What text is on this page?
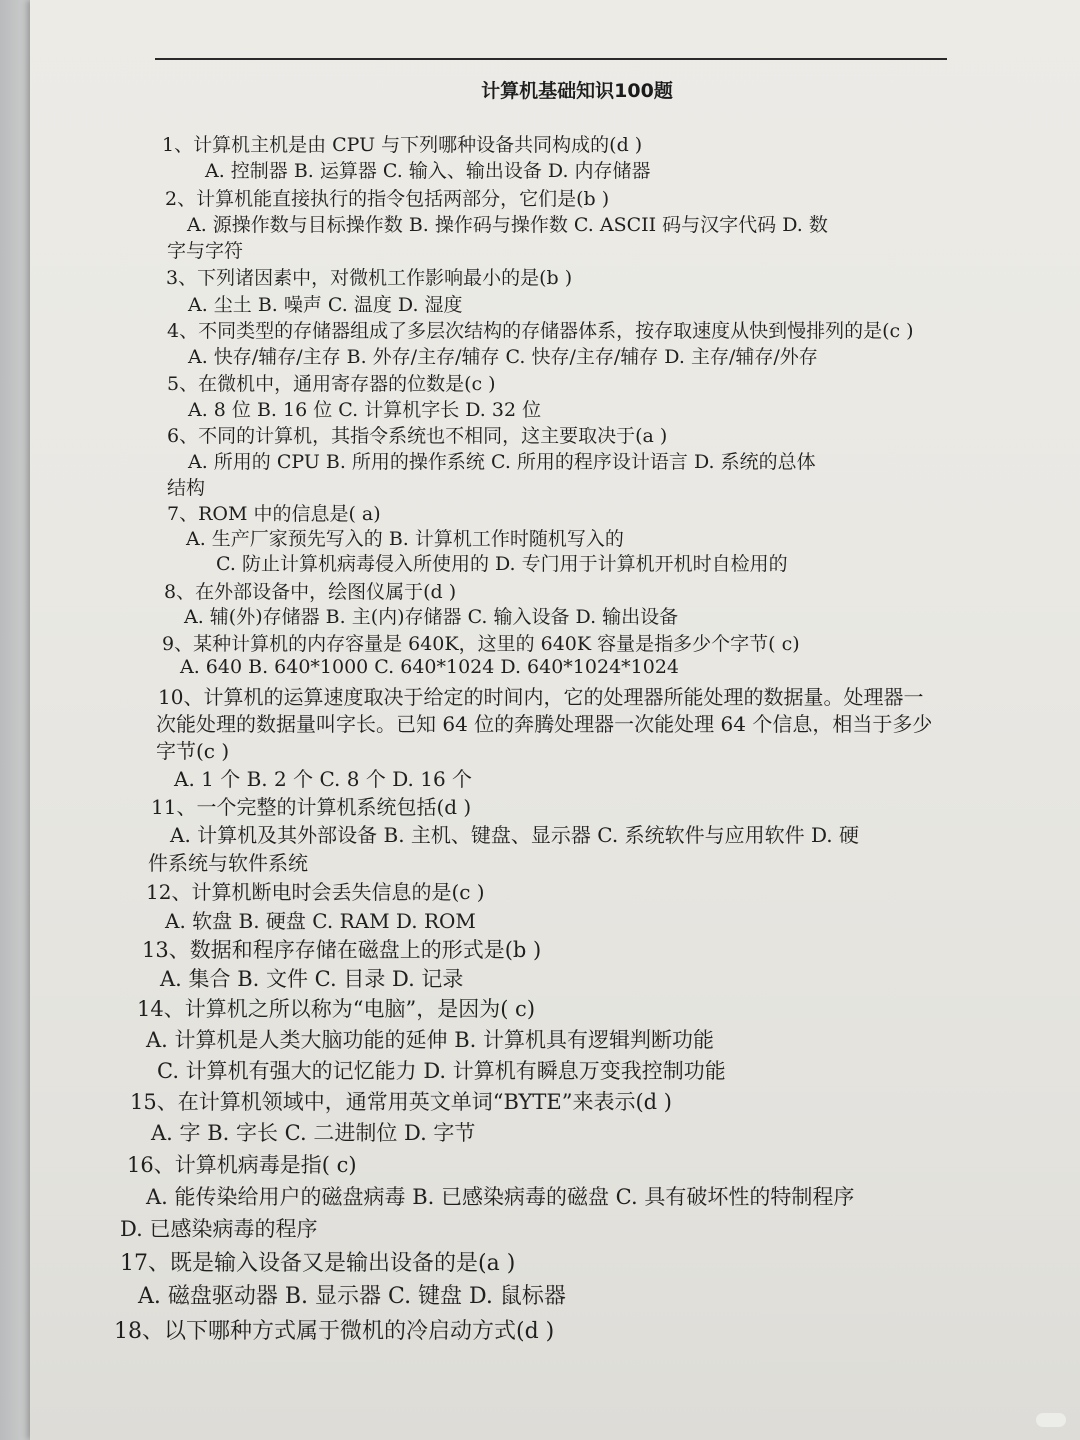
计算机基础知识100题

1、计算机主机是由 CPU 与下列哪种设备共同构成的(d )

A. 控制器 B. 运算器 C. 输入、输出设备 D. 内存储器

2、计算机能直接执行的指令包括两部分，它们是(b )

A. 源操作数与目标操作数 B. 操作码与操作数 C. ASCII 码与汉字代码 D. 数

字与字符

3、下列诸因素中，对微机工作影响最小的是(b )

A. 尘土 B. 噪声 C. 温度 D. 湿度

4、不同类型的存储器组成了多层次结构的存储器体系，按存取速度从快到慢排列的是(c )

A. 快存/辅存/主存 B. 外存/主存/辅存 C. 快存/主存/辅存 D. 主存/辅存/外存

5、在微机中，通用寄存器的位数是(c )

A. 8 位 B. 16 位 C. 计算机字长 D. 32 位

6、不同的计算机，其指令系统也不相同，这主要取决于(a )

A. 所用的 CPU B. 所用的操作系统 C. 所用的程序设计语言 D. 系统的总体

结构

7、ROM 中的信息是( a)

A. 生产厂家预先写入的 B. 计算机工作时随机写入的

C. 防止计算机病毒侵入所使用的 D. 专门用于计算机开机时自检用的

8、在外部设备中，绘图仪属于(d )

A. 辅(外)存储器 B. 主(内)存储器 C. 输入设备 D. 输出设备

9、某种计算机的内存容量是 640K，这里的 640K 容量是指多少个字节( c)

A. 640 B. 640*1000 C. 640*1024 D. 640*1024*1024

10、计算机的运算速度取决于给定的时间内，它的处理器所能处理的数据量。处理器一

次能处理的数据量叫字长。已知 64 位的奔腾处理器一次能处理 64 个信息，相当于多少

字节(c )

A. 1 个 B. 2 个 C. 8 个 D. 16 个

11、一个完整的计算机系统包括(d )

A. 计算机及其外部设备 B. 主机、键盘、显示器 C. 系统软件与应用软件 D. 硬

件系统与软件系统

12、计算机断电时会丢失信息的是(c )

A. 软盘 B. 硬盘 C. RAM D. ROM

13、数据和程序存储在磁盘上的形式是(b )

A. 集合 B. 文件 C. 目录 D. 记录

14、计算机之所以称为“电脑”，是因为( c)

A. 计算机是人类大脑功能的延伸 B. 计算机具有逻辑判断功能

C. 计算机有强大的记忆能力 D. 计算机有瞬息万变我控制功能

15、在计算机领域中，通常用英文单词“BYTE”来表示(d )

A. 字 B. 字长 C. 二进制位 D. 字节

16、计算机病毒是指( c)

A. 能传染给用户的磁盘病毒 B. 已感染病毒的磁盘 C. 具有破坏性的特制程序

D. 已感染病毒的程序

17、既是输入设备又是输出设备的是(a )

A. 磁盘驱动器 B. 显示器 C. 键盘 D. 鼠标器

18、以下哪种方式属于微机的冷启动方式(d )
